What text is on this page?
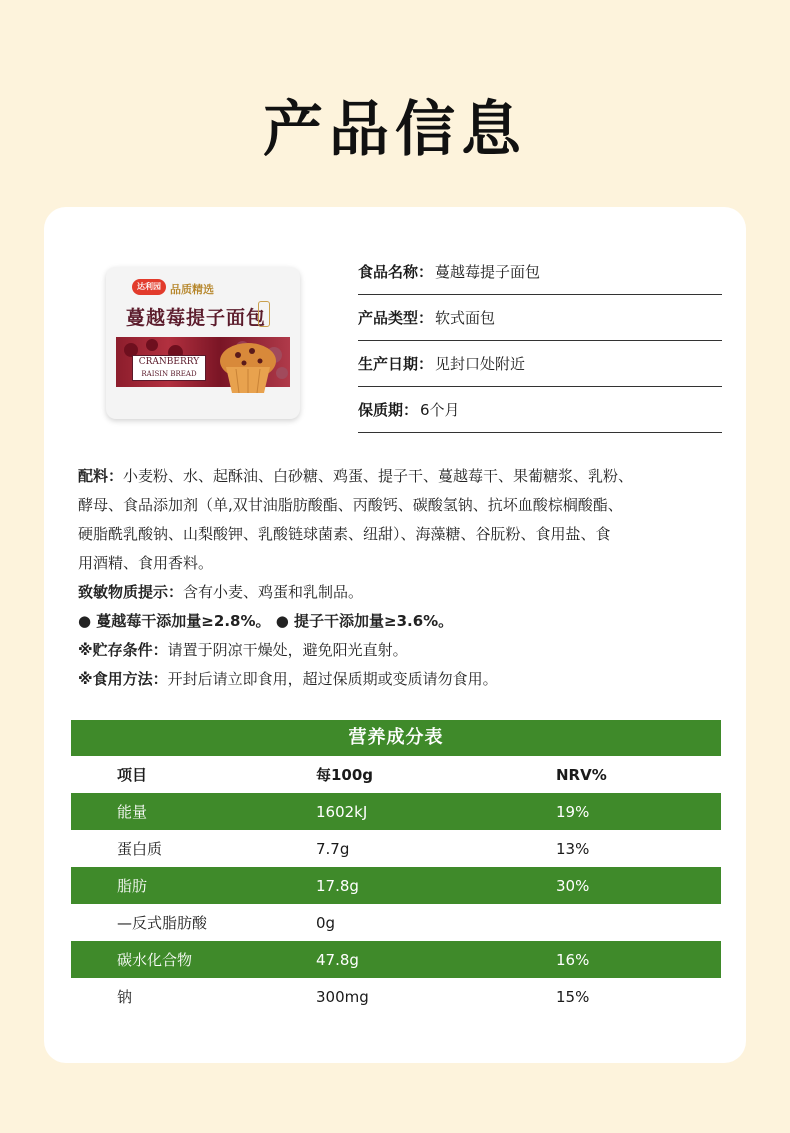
产品信息
达利园 品质精选
蔓越莓提子面包
CRANBERRY
RAISIN BREAD
食品名称： 蔓越莓提子面包
产品类型： 软式面包
生产日期： 见封口处附近
保质期： 6个月
配料：小麦粉、水、起酥油、白砂糖、鸡蛋、提子干、蔓越莓干、果葡糖浆、乳粉、
酵母、食品添加剂（单,双甘油脂肪酸酯、丙酸钙、碳酸氢钠、抗坏血酸棕榈酸酯、
硬脂酰乳酸钠、山梨酸钾、乳酸链球菌素、纽甜）、海藻糖、谷朊粉、食用盐、食
用酒精、食用香料。
致敏物质提示：含有小麦、鸡蛋和乳制品。
● 蔓越莓干添加量≥2.8%。 ● 提子干添加量≥3.6%。
※贮存条件：请置于阴凉干燥处，避免阳光直射。
※食用方法：开封后请立即食用，超过保质期或变质请勿食用。
营养成分表
项目	每100g	NRV%
能量	1602kJ	19%
蛋白质	7.7g	13%
脂肪	17.8g	30%
—反式脂肪酸	0g
碳水化合物	47.8g	16%
钠	300mg	15%
